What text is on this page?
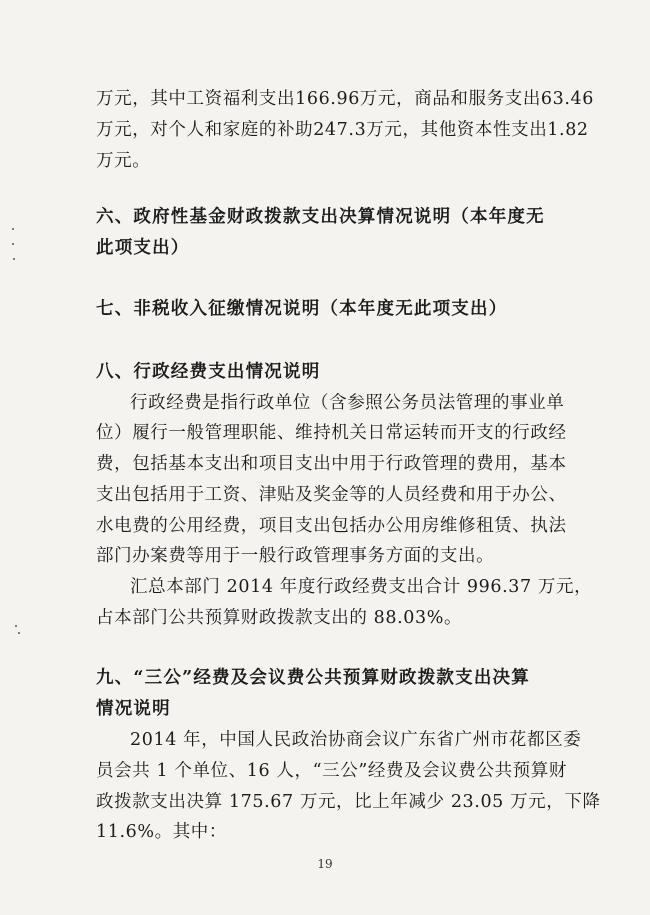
万元，其中工资福利支出166.96万元，商品和服务支出63.46
万元，对个人和家庭的补助247.3万元，其他资本性支出1.82
万元。
六、政府性基金财政拨款支出决算情况说明（本年度无
此项支出）
七、非税收入征缴情况说明（本年度无此项支出）
八、行政经费支出情况说明
行政经费是指行政单位（含参照公务员法管理的事业单
位）履行一般管理职能、维持机关日常运转而开支的行政经
费，包括基本支出和项目支出中用于行政管理的费用，基本
支出包括用于工资、津贴及奖金等的人员经费和用于办公、
水电费的公用经费，项目支出包括办公用房维修租赁、执法
部门办案费等用于一般行政管理事务方面的支出。
汇总本部门 2014 年度行政经费支出合计 996.37 万元，
占本部门公共预算财政拨款支出的 88.03%。
九、“三公”经费及会议费公共预算财政拨款支出决算
情况说明
2014 年，中国人民政治协商会议广东省广州市花都区委
员会共 1 个单位、16 人，“三公”经费及会议费公共预算财
政拨款支出决算 175.67 万元，比上年减少 23.05 万元，下降
11.6%。其中：
19
